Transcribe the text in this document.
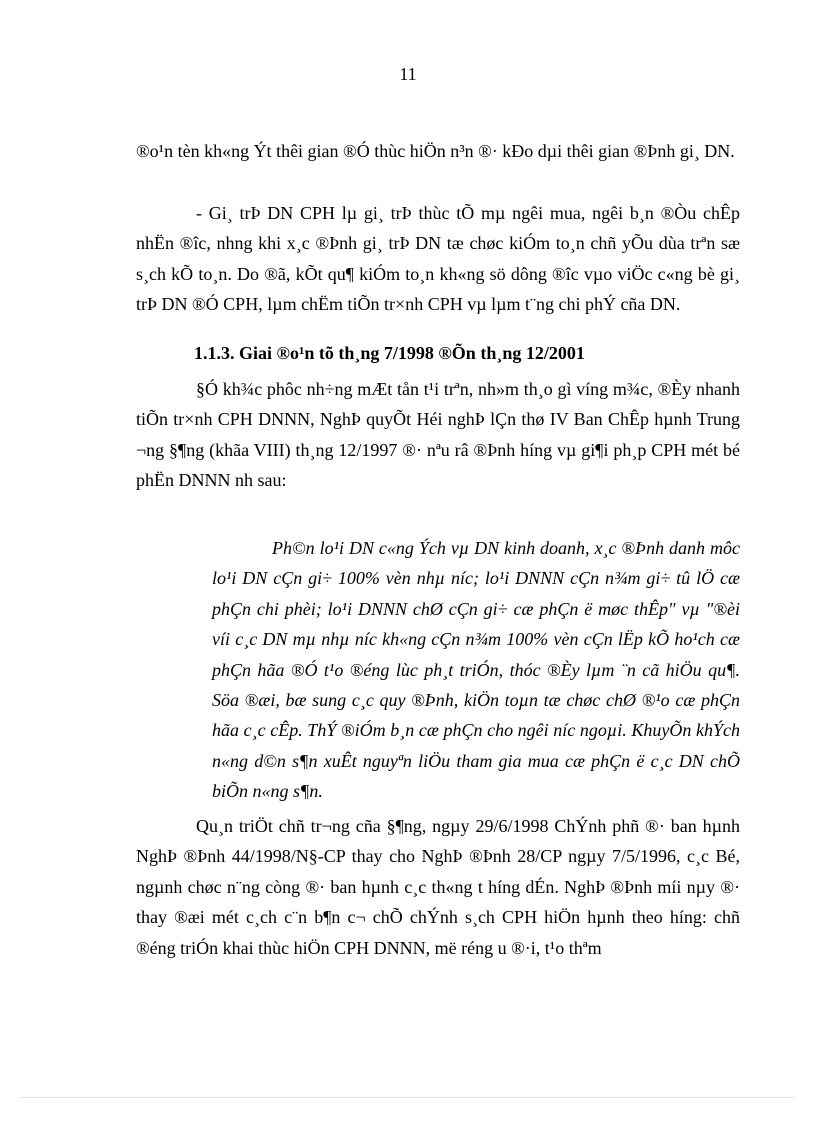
11

®o¹n tèn kh«ng Ýt thêi gian ®Ó thùc hiÖn n³n ®· kÐo dµi thêi gian ®Þnh gi¸ DN.

- Gi¸ trÞ DN CPH lµ gi¸ trÞ thùc tÕ mµ ngêi mua, ngêi b¸n ®Òu chÊp nhËn ®îc, nhng khi x¸c ®Þnh gi¸ trÞ DN tæ chøc kiÓm to¸n chñ yÕu dùa trªn sæ s¸ch kÕ to¸n. Do ®ã, kÕt qu¶ kiÓm to¸n kh«ng sö dông ®îc vµo viÖc c«ng bè gi¸ trÞ DN ®Ó CPH, lµm chËm tiÕn tr×nh CPH vµ lµm t¨ng chi phÝ cña DN.

1.1.3. Giai ®o¹n tõ th¸ng 7/1998 ®Õn th¸ng 12/2001

§Ó kh¾c phôc nh÷ng mÆt tån t¹i trªn, nh»m th¸o gì víng m¾c, ®Èy nhanh tiÕn tr×nh CPH DNNN, NghÞ quyÕt Héi nghÞ lÇn thø IV Ban ChÊp hµnh Trung ¬ng §¶ng (khãa VIII) th¸ng 12/1997 ®· nªu râ ®Þnh híng vµ gi¶i ph¸p CPH mét bé phËn DNNN nh sau:

Ph©n lo¹i DN c«ng Ých vµ DN kinh doanh, x¸c ®Þnh danh môc lo¹i DN cÇn gi÷ 100% vèn nhµ níc; lo¹i DNNN cÇn n¾m gi÷ tû lÖ cæ phÇn chi phèi; lo¹i DNNN chØ cÇn gi÷ cæ phÇn ë møc thÊp" vµ "®èi víi c¸c DN mµ nhµ níc kh«ng cÇn n¾m 100% vèn cÇn lËp kÕ ho¹ch cæ phÇn hãa ®Ó t¹o ®éng lùc ph¸t triÓn, thóc ®Èy lµm ¨n cã hiÖu qu¶. Söa ®æi, bæ sung c¸c quy ®Þnh, kiÖn toµn tæ chøc chØ ®¹o cæ phÇn hãa c¸c cÊp. ThÝ ®iÓm b¸n cæ phÇn cho ngêi níc ngoµi. KhuyÕn khÝch n«ng d©n s¶n xuÊt nguyªn liÖu tham gia mua cæ phÇn ë c¸c DN chÕ biÕn n«ng s¶n.

Qu¸n triÖt chñ tr¬ng cña §¶ng, ngµy 29/6/1998 ChÝnh phñ ®· ban hµnh NghÞ ®Þnh 44/1998/N§-CP thay cho NghÞ ®Þnh 28/CP ngµy 7/5/1996, c¸c Bé, ngµnh chøc n¨ng còng ®· ban hµnh c¸c th«ng t híng dÉn. NghÞ ®Þnh míi nµy ®· thay ®æi mét c¸ch c¨n b¶n c¬ chÕ chÝnh s¸ch CPH hiÖn hµnh theo híng: chñ ®éng triÓn khai thùc hiÖn CPH DNNN, më réng u ®·i, t¹o thªm
